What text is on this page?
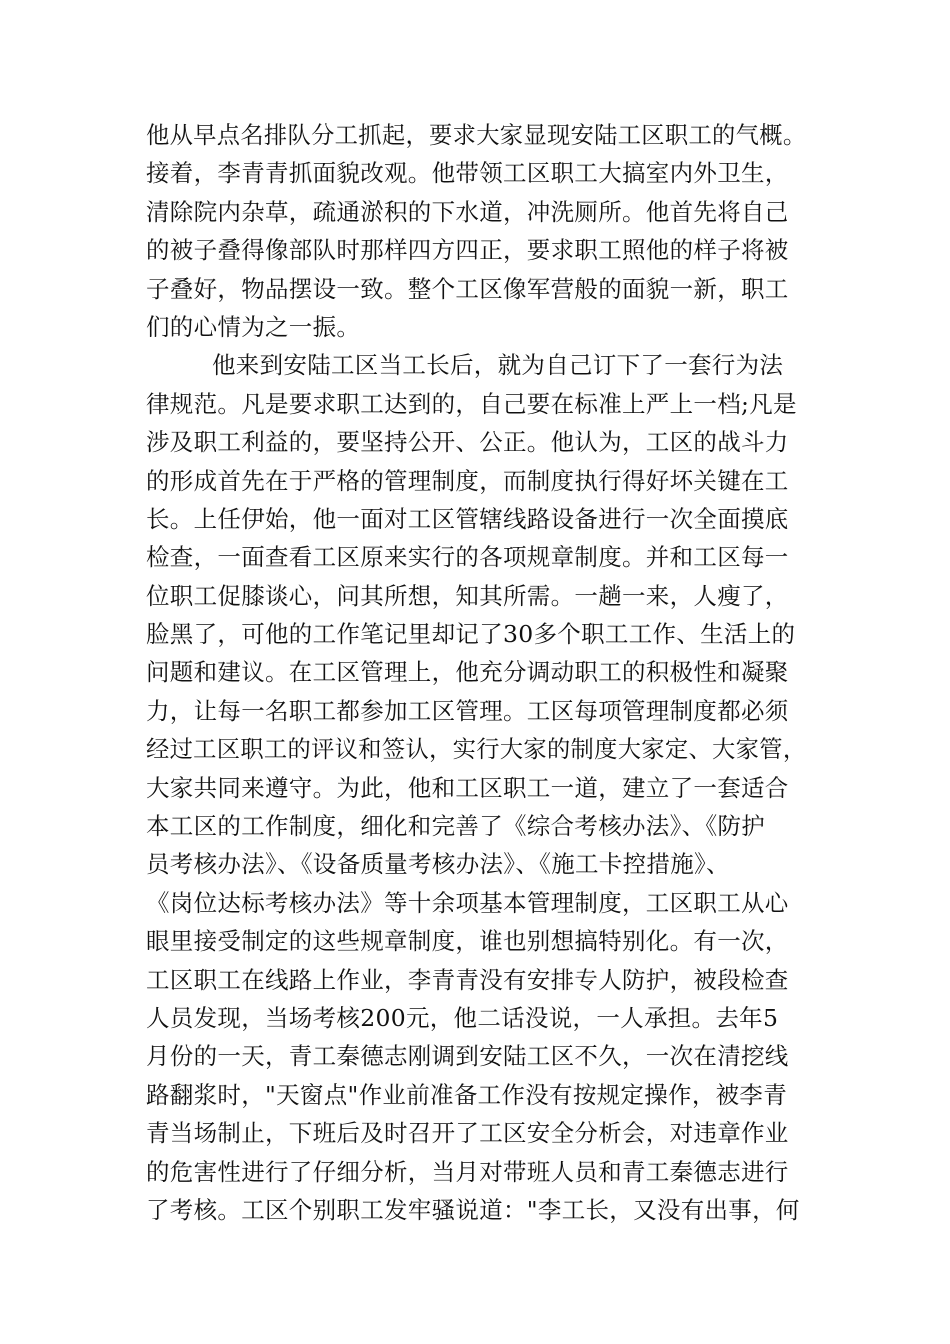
他从早点名排队分工抓起，要求大家显现安陆工区职工的气概。
接着，李青青抓面貌改观。他带领工区职工大搞室内外卫生，
清除院内杂草，疏通淤积的下水道，冲洗厕所。他首先将自己
的被子叠得像部队时那样四方四正，要求职工照他的样子将被
子叠好，物品摆设一致。整个工区像军营般的面貌一新，职工
们的心情为之一振。
他来到安陆工区当工长后，就为自己订下了一套行为法
律规范。凡是要求职工达到的，自己要在标准上严上一档;凡是
涉及职工利益的，要坚持公开、公正。他认为，工区的战斗力
的形成首先在于严格的管理制度，而制度执行得好坏关键在工
长。上任伊始，他一面对工区管辖线路设备进行一次全面摸底
检查，一面查看工区原来实行的各项规章制度。并和工区每一
位职工促膝谈心，问其所想，知其所需。一趟一来，人瘦了，
脸黑了，可他的工作笔记里却记了30多个职工工作、生活上的
问题和建议。在工区管理上，他充分调动职工的积极性和凝聚
力，让每一名职工都参加工区管理。工区每项管理制度都必须
经过工区职工的评议和签认，实行大家的制度大家定、大家管，
大家共同来遵守。为此，他和工区职工一道，建立了一套适合
本工区的工作制度，细化和完善了《综合考核办法》、《防护
员考核办法》、《设备质量考核办法》、《施工卡控措施》、
《岗位达标考核办法》等十余项基本管理制度，工区职工从心
眼里接受制定的这些规章制度，谁也别想搞特别化。有一次，
工区职工在线路上作业，李青青没有安排专人防护，被段检查
人员发现，当场考核200元，他二话没说，一人承担。去年5
月份的一天，青工秦德志刚调到安陆工区不久，一次在清挖线
路翻浆时，"天窗点"作业前准备工作没有按规定操作，被李青
青当场制止，下班后及时召开了工区安全分析会，对违章作业
的危害性进行了仔细分析，当月对带班人员和青工秦德志进行
了考核。工区个别职工发牢骚说道："李工长，又没有出事，何
